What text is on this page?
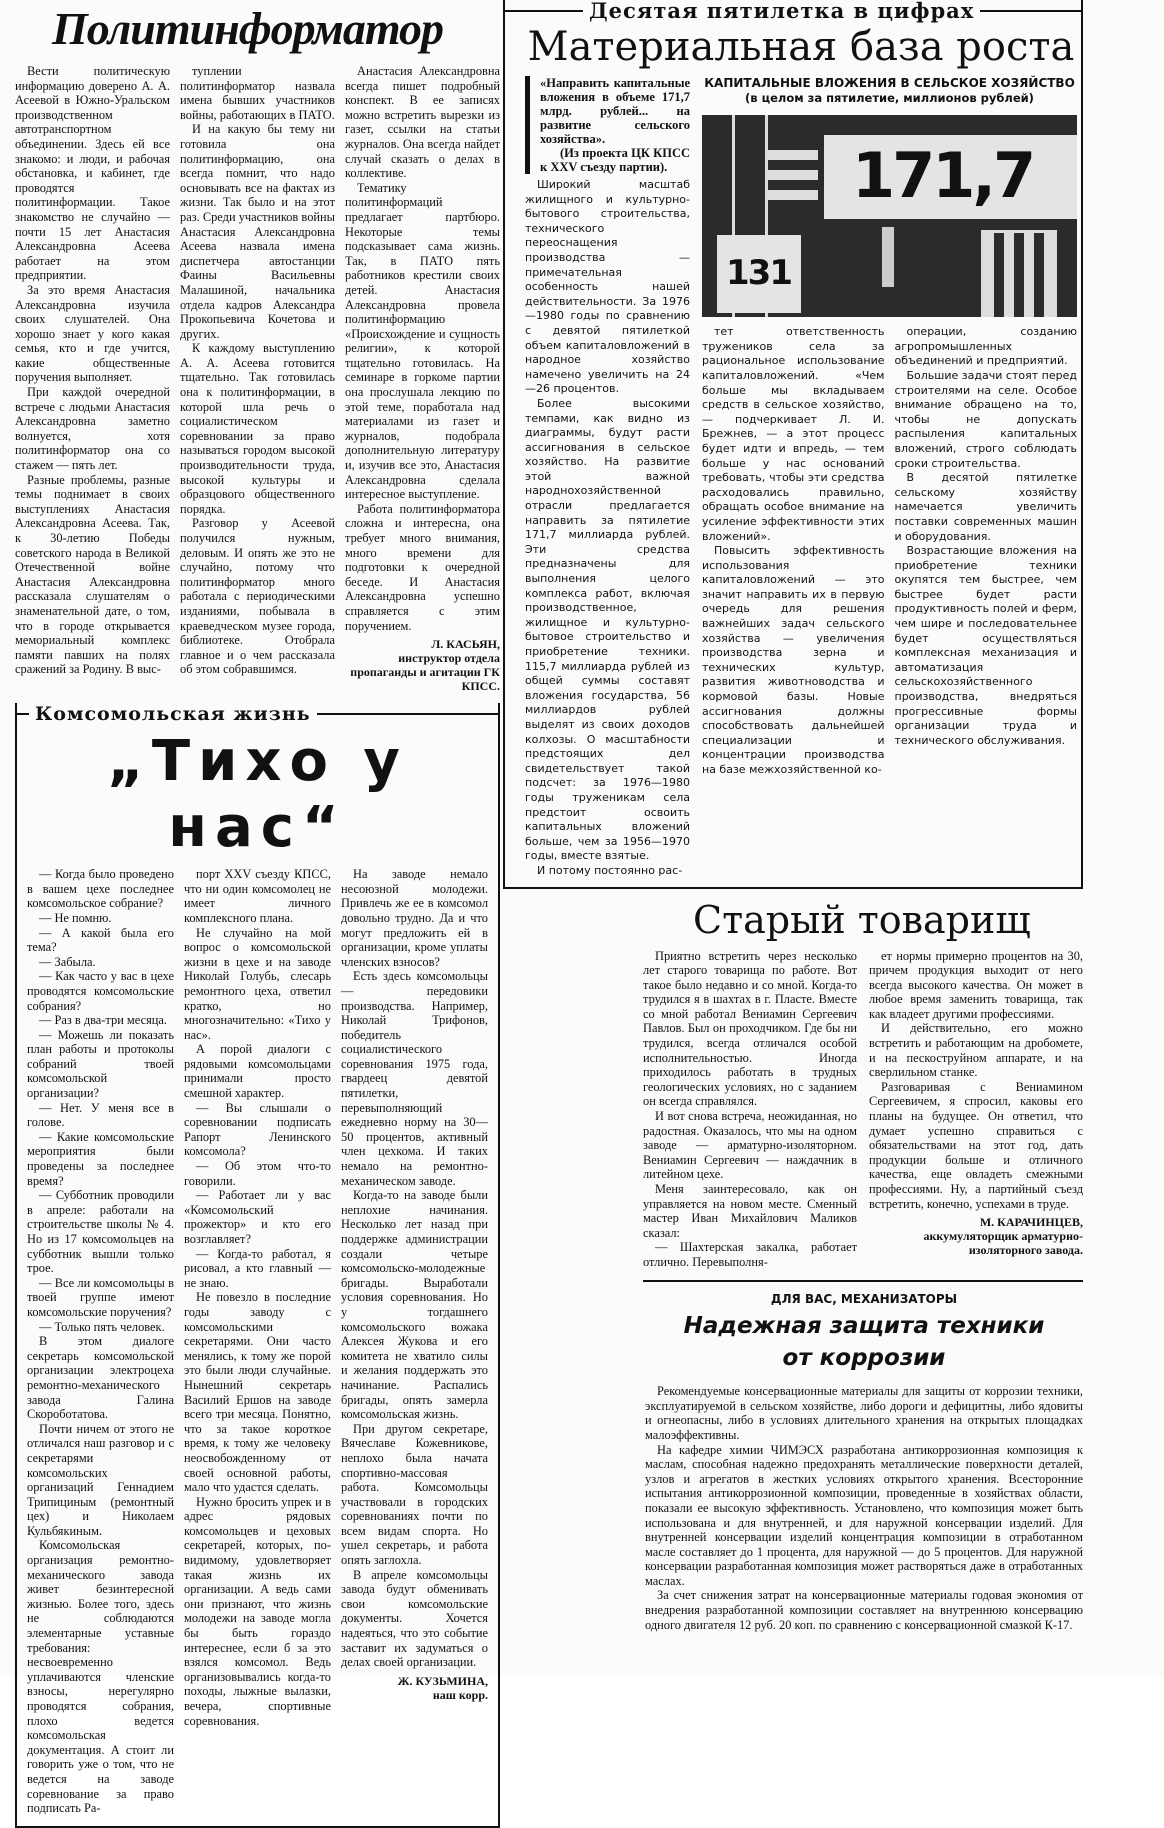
Политинформатор

Вести политическую информацию доверено А. А. Асеевой в Южно-Уральском производственном автотранспортном объединении. Здесь ей все знакомо: и люди, и рабочая обстановка, и кабинет, где проводятся политинформации. Такое знакомство не случайно — почти 15 лет Анастасия Александровна Асеева работает на этом предприятии.

За это время Анастасия Александровна изучила своих слушателей. Она хорошо знает у кого какая семья, кто и где учится, какие общественные поручения выполняет.

При каждой очередной встрече с людьми Анастасия Александровна заметно волнуется, хотя политинформатор она со стажем — пять лет.

Разные проблемы, разные темы поднимает в своих выступлениях Анастасия Александровна Асеева. Так, к 30-летию Победы советского народа в Великой Отечественной войне Анастасия Александровна рассказала слушателям о знаменательной дате, о том, что в городе открывается мемориальный комплекс памяти павших на полях сражений за Родину. В выс-

туплении политинформатор назвала имена бывших участников войны, работающих в ПАТО.

И на какую бы тему ни готовила она политинформацию, она всегда помнит, что надо основывать все на фактах из жизни. Так было и на этот раз. Среди участников войны Анастасия Александровна Асеева назвала имена диспетчера автостанции Фаины Васильевны Малашиной, начальника отдела кадров Александра Прокопьевича Кочетова и других.

К каждому выступлению А. А. Асеева готовится тщательно. Так готовилась она к политинформации, в которой шла речь о социалистическом соревновании за право называться городом высокой производительности труда, высокой культуры и образцового общественного порядка.

Разговор у Асеевой получился нужным, деловым. И опять же это не случайно, потому что политинформатор много работала с периодическими изданиями, побывала в краеведческом музее города, библиотеке. Отобрала главное и о чем рассказала об этом собравшимся.

Анастасия Александровна всегда пишет подробный конспект. В ее записях можно встретить вырезки из газет, ссылки на статьи журналов. Она всегда найдет случай сказать о делах в коллективе.

Тематику политинформаций предлагает партбюро. Некоторые темы подсказывает сама жизнь. Так, в ПАТО пять работников крестили своих детей. Анастасия Александровна провела политинформацию «Происхождение и сущность религии», к которой тщательно готовилась. На семинаре в горкоме партии она прослушала лекцию по этой теме, поработала над материалами из газет и журналов, подобрала дополнительную литературу и, изучив все это, Анастасия Александровна сделала интересное выступление.

Работа политинформатора сложна и интересна, она требует много внимания, много времени для подготовки к очередной беседе. И Анастасия Александровна успешно справляется с этим поручением.

Л. КАСЬЯН,
инструктор отдела пропаганды и агитации ГК КПСС.
Комсомольская жизнь
„Тихо у нас“

— Когда было проведено в вашем цехе последнее комсомольское собрание?

— Не помню.

— А какой была его тема?

— Забыла.

— Как часто у вас в цехе проводятся комсомольские собрания?

— Раз в два-три месяца.

— Можешь ли показать план работы и протоколы собраний твоей комсомольской организации?

— Нет. У меня все в голове.

— Какие комсомольские мероприятия были проведены за последнее время?

— Субботник проводили в апреле: работали на строительстве школы № 4. Но из 17 комсомольцев на субботник вышли только трое.

— Все ли комсомольцы в твоей группе имеют комсомольские поручения?

— Только пять человек.

В этом диалоге секретарь комсомольской организации электроцеха ремонтно-механического завода Галина Скороботатова.

Почти ничем от этого не отличался наш разговор и с секретарями комсомольских организаций Геннадием Трипициным (ремонтный цех) и Николаем Кульбякиным.

Комсомольская организация ремонтно-механического завода живет безинтересной жизнью. Более того, здесь не соблюдаются элементарные уставные требования: несвоевременно уплачиваются членские взносы, нерегулярно проводятся собрания, плохо ведется комсомольская документация. А стоит ли говорить уже о том, что не ведется на заводе соревнование за право подписать Ра-

порт XXV съезду КПСС, что ни один комсомолец не имеет личного комплексного плана.

Не случайно на мой вопрос о комсомольской жизни в цехе и на заводе Николай Голубь, слесарь ремонтного цеха, ответил кратко, но многозначительно: «Тихо у нас».

А порой диалоги с рядовыми комсомольцами принимали просто смешной характер.

— Вы слышали о соревновании подписать Рапорт Ленинского комсомола?

— Об этом что-то говорили.

— Работает ли у вас «Комсомольский прожектор» и кто его возглавляет?

— Когда-то работал, я рисовал, а кто главный — не знаю.

Не повезло в последние годы заводу с комсомольскими секретарями. Они часто менялись, к тому же порой это были люди случайные. Нынешний секретарь Василий Ершов на заводе всего три месяца. Понятно, что за такое короткое время, к тому же человеку неосвобожденному от своей основной работы, мало что удастся сделать.

Нужно бросить упрек и в адрес рядовых комсомольцев и цеховых секретарей, которых, по-видимому, удовлетворяет такая жизнь их организации. А ведь сами они признают, что жизнь молодежи на заводе могла бы быть гораздо интереснее, если б за это взялся комсомол. Ведь организовывались когда-то походы, лыжные вылазки, вечера, спортивные соревнования.

На заводе немало несоюзной молодежи. Привлечь же ее в комсомол довольно трудно. Да и что могут предложить ей в организации, кроме уплаты членских взносов?

Есть здесь комсомольцы — передовики производства. Например, Николай Трифонов, победитель социалистического соревнования 1975 года, гвардеец девятой пятилетки, перевыполняющий ежедневно норму на 30—50 процентов, активный член цехкома. И таких немало на ремонтно-механическом заводе.

Когда-то на заводе были неплохие начинания. Несколько лет назад при поддержке администрации создали четыре комсомольско-молодежные бригады. Выработали условия соревнования. Но у тогдашнего комсомольского вожака Алексея Жукова и его комитета не хватило силы и желания поддержать это начинание. Распались бригады, опять замерла комсомольская жизнь.

При другом секретаре, Вячеславе Кожевникове, неплохо была начата спортивно-массовая работа. Комсомольцы участвовали в городских соревнованиях почти по всем видам спорта. Но ушел секретарь, и работа опять заглохла.

В апреле комсомольцы завода будут обменивать свои комсомольские документы. Хочется надеяться, что это событие заставит их задуматься о делах своей организации.

Ж. КУЗЬМИНА,
наш корр.
Десятая пятилетка в цифрах
Материальная база роста
«Направить капитальные вложения в объеме 171,7 млрд. рублей... на развитие сельского хозяйства».
(Из проекта ЦК КПСС к XXV съезду партии).

Широкий масштаб жилищного и культурно-бытового строительства, технического переоснащения производства — примечательная особенность нашей действительности. За 1976—1980 годы по сравнению с девятой пятилеткой объем капиталовложений в народное хозяйство намечено увеличить на 24—26 процентов.

Более высокими темпами, как видно из диаграммы, будут расти ассигнования в сельское хозяйство. На развитие этой важной народнохозяйственной отрасли предлагается направить за пятилетие 171,7 миллиарда рублей. Эти средства предназначены для выполнения целого комплекса работ, включая производственное, жилищное и культурно-бытовое строительство и приобретение техники. 115,7 миллиарда рублей из общей суммы составят вложения государства, 56 миллиардов рублей выделят из своих доходов колхозы. О масштабности предстоящих дел свидетельствует такой подсчет: за 1976—1980 годы труженикам села предстоит освоить капитальных вложений больше, чем за 1956—1970 годы, вместе взятые.

И потому постоянно рас-

КАПИТАЛЬНЫЕ ВЛОЖЕНИЯ В СЕЛЬСКОЕ ХОЗЯЙСТВО
(в целом за пятилетие, миллионов рублей)
171,7
131

тет ответственность тружеников села за рациональное использование капиталовложений. «Чем больше мы вкладываем средств в сельское хозяйство, — подчеркивает Л. И. Брежнев, — а этот процесс будет идти и впредь, — тем больше у нас оснований требовать, чтобы эти средства расходовались правильно, обращать особое внимание на усиление эффективности этих вложений».

Повысить эффективность использования капиталовложений — это значит направить их в первую очередь для решения важнейших задач сельского хозяйства — увеличения производства зерна и технических культур, развития животноводства и кормовой базы. Новые ассигнования должны способствовать дальнейшей специализации и концентрации производства на базе межхозяйственной ко-

операции, созданию агропромышленных объединений и предприятий.

Большие задачи стоят перед строителями на селе. Особое внимание обращено на то, чтобы не допускать распыления капитальных вложений, строго соблюдать сроки строительства.

В десятой пятилетке сельскому хозяйству намечается увеличить поставки современных машин и оборудования.

Возрастающие вложения на приобретение техники окупятся тем быстрее, чем быстрее будет расти продуктивность полей и ферм, чем шире и последовательнее будет осуществляться комплексная механизация и автоматизация сельскохозяйственного производства, внедряться прогрессивные формы организации труда и технического обслуживания.

Старый товарищ

Приятно встретить через несколько лет старого товарища по работе. Вот такое было недавно и со мной. Когда-то трудился я в шахтах в г. Пласте. Вместе со мной работал Вениамин Сергеевич Павлов. Был он проходчиком. Где бы ни трудился, всегда отличался особой исполнительностью. Иногда приходилось работать в трудных геологических условиях, но с заданием он всегда справлялся.

И вот снова встреча, неожиданная, но радостная. Оказалось, что мы на одном заводе — арматурно-изоляторном. Вениамин Сергеевич — наждачник в литейном цехе.

Меня заинтересовало, как он управляется на новом месте. Сменный мастер Иван Михайлович Маликов сказал:

— Шахтерская закалка, работает отлично. Перевыполня-

ет нормы примерно процентов на 30, причем продукция выходит от него всегда высокого качества. Он может в любое время заменить товарища, так как владеет другими профессиями.

И действительно, его можно встретить и работающим на дробомете, и на пескоструйном аппарате, и на сверлильном станке.

Разговаривая с Вениамином Сергеевичем, я спросил, каковы его планы на будущее. Он ответил, что думает успешно справиться с обязательствами на этот год, дать продукции больше и отличного качества, еще овладеть смежными профессиями. Ну, а партийный съезд встретить, конечно, успехами в труде.

М. КАРАЧИНЦЕВ,
аккумуляторщик арматурно-изоляторного завода.
ДЛЯ ВАС, МЕХАНИЗАТОРЫ
Надежная защита техники
от коррозии

Рекомендуемые консервационные материалы для защиты от коррозии техники, эксплуатируемой в сельском хозяйстве, либо дороги и дефицитны, либо ядовиты и огнеопасны, либо в условиях длительного хранения на открытых площадках малоэффективны.

На кафедре химии ЧИМЭСХ разработана антикоррозионная композиция к маслам, способная надежно предохранять металлические поверхности деталей, узлов и агрегатов в жестких условиях открытого хранения. Всесторонние испытания антикоррозионной композиции, проведенные в хозяйствах области, показали ее высокую эффективность. Установлено, что композиция может быть использована и для внутренней, и для наружной консервации изделий. Для внутренней консервации изделий концентрация композиции в отработанном масле составляет до 1 процента, для наружной — до 5 процентов. Для наружной консервации разработанная композиция может растворяться даже в отработанных маслах.

За счет снижения затрат на консервационные материалы годовая экономия от внедрения разработанной композиции составляет на внутреннюю консервацию одного двигателя 12 руб. 20 коп. по сравнению с консервационной смазкой К-17.
